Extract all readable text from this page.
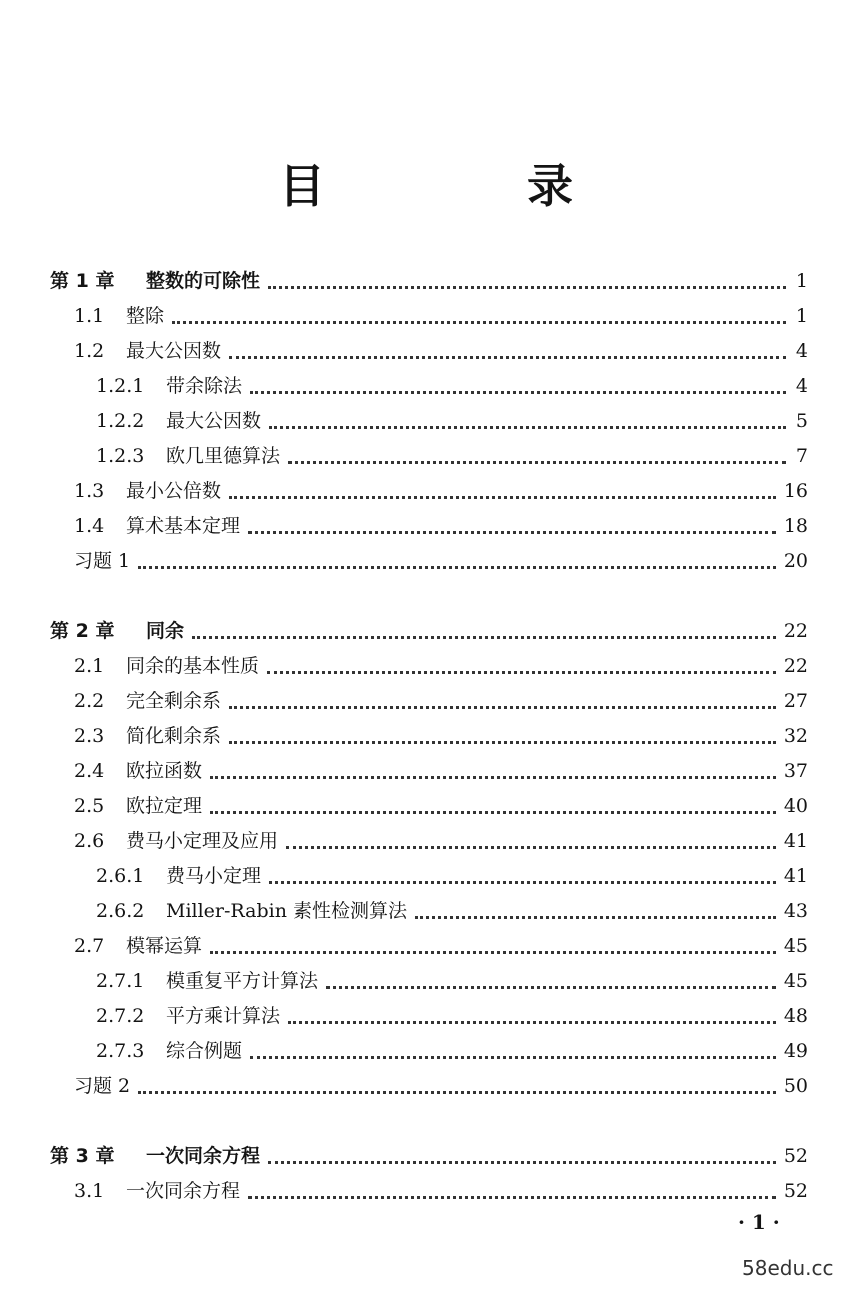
目　录
第 1 章	整数的可除性	1
1.1	整除	1
1.2	最大公因数	4
1.2.1	带余除法	4
1.2.2	最大公因数	5
1.2.3	欧几里德算法	7
1.3	最小公倍数	16
1.4	算术基本定理	18
习题 1	20
第 2 章	同余	22
2.1	同余的基本性质	22
2.2	完全剩余系	27
2.3	简化剩余系	32
2.4	欧拉函数	37
2.5	欧拉定理	40
2.6	费马小定理及应用	41
2.6.1	费马小定理	41
2.6.2	Miller-Rabin 素性检测算法	43
2.7	模幂运算	45
2.7.1	模重复平方计算法	45
2.7.2	平方乘计算法	48
2.7.3	综合例题	49
习题 2	50
第 3 章	一次同余方程	52
3.1	一次同余方程	52
· 1 ·
58edu.cc
